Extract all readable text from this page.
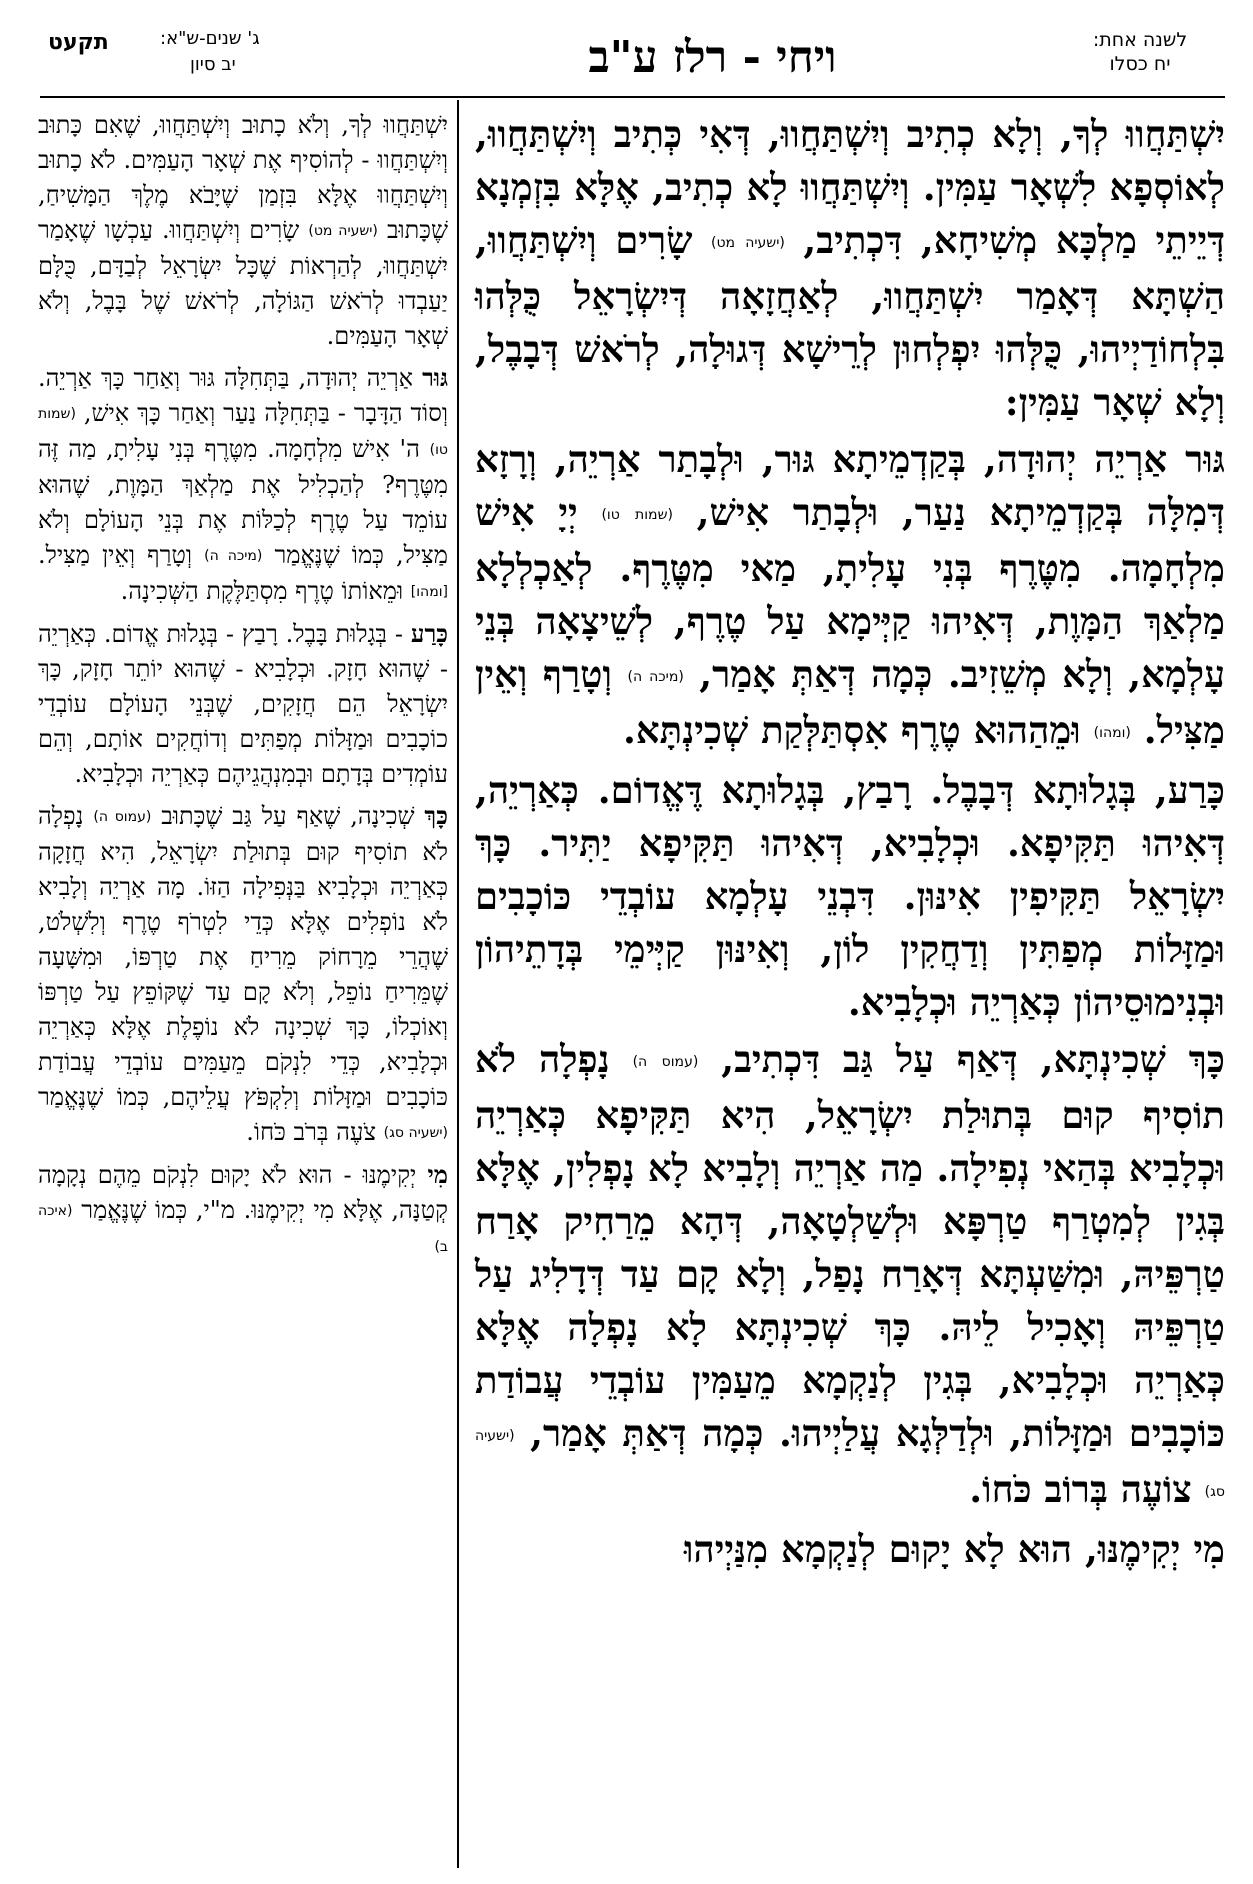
לשנה אחת:
יח כסלו
ויחי - רלז ע"ב
ג' שנים-ש"א:
יב סיון
תקעט

יִשְׁתַּחֲווּ לְךָ, וְלָא כְתִיב וְיִשְׁתַּחֲווּ, דְּאִי כְּתִיב וְיִשְׁתַּחֲווּ, לְאוֹסְפָא לִשְׁאָר עַמִּין. וְיִשְׁתַּחֲווּ לָא כְתִיב, אֶלָּא בִּזְמְנָא דְּיֵיתֵי מַלְכָּא מְשִׁיחָא, דִּכְתִיב, (ישעיה מט) שָׂרִים וְיִשְׁתַּחֲווּ, הַשְׁתָּא דְּאָמַר יִשְׁתַּחֲווּ, לְאַחֲזָאָה דְּיִשְׂרָאֵל כֻּלְּהוּ בִּלְחוֹדַיְיהוּ, כֻּלְּהוּ יִפְלְחוּן לְרֵישָׁא דְּגוּלָה, לְרֹאשׁ דְּבָבֶל, וְלָא שְׁאָר עַמִּין:

גּוּר אַרְיֵה יְהוּדָה, בְּקַדְמֵיתָא גּוּר, וּלְבָתַר אַרְיֵה, וְרָזָא דְּמִלָּה בְּקַדְמֵיתָא נַעַר, וּלְבָתַר אִישׁ, (שמות טו) יְיָ אִישׁ מִלְחָמָה. מִטֶּרֶף בְּנִי עָלִיתָ, מַאי מִטֶּרֶף. לְאַכְלְלָא מַלְאַךְ הַמָּוֶת, דְּאִיהוּ קַיְּימָא עַל טֶרֶף, לְשֵׁיצָאָה בְּנֵי עָלְמָא, וְלָא מְשֵׁזִיב. כְּמָה דְּאַתְּ אָמַר, (מיכה ה) וְטָרַף וְאֵין מַצִּיל. (ומהו) וּמֵהַהוּא טֶרֶף אִסְתַּלְּקַת שְׁכִינְתָּא.

כָּרַע, בְּגָלוּתָא דְּבָבֶל. רָבַץ, בְּגָלוּתָא דֶּאֱדוֹם. כְּאַרְיֵה, דְּאִיהוּ תַּקִּיפָא. וּכְלָבִיא, דְּאִיהוּ תַּקִּיפָא יַתִּיר. כָּךְ יִשְׂרָאֵל תַּקִּיפִין אִינּוּן. דִּבְנֵי עָלְמָא עוֹבְדֵי כּוֹכָבִים וּמַזָּלוֹת מְפַתִּין וְדַחֲקִין לוֹן, וְאִינּוּן קַיְּימֵי בְּדָתֵיהוֹן וּבְנִימוּסֵיהוֹן כְּאַרְיֵה וּכְלָבִיא.

כָּךְ שְׁכִינְתָּא, דְּאַף עַל גַּב דִּכְתִיב, (עמוס ה) נָפְלָה לֹא תוֹסִיף קוּם בְּתוּלַת יִשְׂרָאֵל, הִיא תַּקִּיפָא כְּאַרְיֵה וּכְלָבִיא בְּהַאי נְפִילָה. מַה אַרְיֵה וְלָבִיא לָא נָפְלִין, אֶלָּא בְּגִין לְמִטְרַף טַרְפָּא וּלְשַׁלְטָאָה, דְּהָא מֵרַחִיק אָרַח טַרְפֵּיהּ, וּמִשַּׁעְתָּא דְּאָרַח נָפַל, וְלָא קָם עַד דְּדָלִיג עַל טַרְפֵּיהּ וְאָכִיל לֵיהּ. כָּךְ שְׁכִינְתָּא לָא נָפְלָה אֶלָּא כְּאַרְיֵה וּכְלָבִיא, בְּגִין לְנַקְמָא מֵעַמִּין עוֹבְדֵי עֲבוֹדַת כּוֹכָבִים וּמַזָּלוֹת, וּלְדַלְּגָא עֲלַיְיהוּ. כְּמָה דְּאַתְּ אָמַר, (ישעיה סג) צוֹעֶה בְּרוֹב כֹּחוֹ.

מִי יְקִימֶנּוּ, הוּא לָא יָקוּם לְנַקְמָא מִנַּיְיהוּ

יִשְׁתַּחֲווּ לְךָ, וְלֹא כָתוּב וְיִשְׁתַּחֲווּ, שֶׁאִם כָּתוּב וְיִשְׁתַּחֲווּ - לְהוֹסִיף אֶת שְׁאָר הָעַמִּים. לֹא כָתוּב וְיִשְׁתַּחֲווּ אֶלָּא בִּזְמַן שֶׁיָּבֹא מֶלֶךְ הַמָּשִׁיחַ, שֶׁכָּתוּב (ישעיה מט) שָׂרִים וְיִשְׁתַּחֲווּ. עַכְשָׁו שֶׁאָמַר יִשְׁתַּחֲווּ, לְהַרְאוֹת שֶׁכָּל יִשְׂרָאֵל לְבַדָּם, כֻּלָּם יַעַבְדוּ לְרֹאשׁ הַגּוֹלָה, לְרֹאשׁ שֶׁל בָּבֶל, וְלֹא שְׁאָר הָעַמִּים.

גּוּר אַרְיֵה יְהוּדָה, בַּתְּחִלָּה גּוּר וְאַחַר כָּךְ אַרְיֵה. וְסוֹד הַדָּבָר - בַּתְּחִלָּה נַעַר וְאַחַר כָּךְ אִישׁ, (שמות טו) ה' אִישׁ מִלְחָמָה. מִטֶּרֶף בְּנִי עָלִיתָ, מַה זֶּה מִטֶּרֶף? לְהַכְלִיל אֶת מַלְאַךְ הַמָּוֶת, שֶׁהוּא עוֹמֵד עַל טֶרֶף לְכַלּוֹת אֶת בְּנֵי הָעוֹלָם וְלֹא מַצִּיל, כְּמוֹ שֶׁנֶּאֱמַר (מיכה ה) וְטָרַף וְאֵין מַצִּיל. [ומהו] וּמֵאוֹתוֹ טֶרֶף מִסְתַּלֶּקֶת הַשְּׁכִינָה.

כָּרַע - בְּגָלוּת בָּבֶל. רָבַץ - בְּגָלוּת אֱדוֹם. כְּאַרְיֵה - שֶׁהוּא חָזָק. וּכְלָבִיא - שֶׁהוּא יוֹתֵר חָזָק, כָּךְ יִשְׂרָאֵל הֵם חֲזָקִים, שֶׁבְּנֵי הָעוֹלָם עוֹבְדֵי כוֹכָבִים וּמַזָּלוֹת מְפַתִּים וְדוֹחֲקִים אוֹתָם, וְהֵם עוֹמְדִים בְּדָתָם וּבְמִנְהֲגֵיהֶם כְּאַרְיֵה וּכְלָבִיא.

כָּךְ שְׁכִינָה, שֶׁאַף עַל גַּב שֶׁכָּתוּב (עמוס ה) נָפְלָה לֹא תוֹסִיף קוּם בְּתוּלַת יִשְׂרָאֵל, הִיא חֲזָקָה כְּאַרְיֵה וּכְלָבִיא בַּנְּפִילָה הַזּוֹ. מָה אַרְיֵה וְלָבִיא לֹא נוֹפְלִים אֶלָּא כְּדֵי לִטְרֹף טֶרֶף וְלִשְׁלֹט, שֶׁהֲרֵי מֵרָחוֹק מֵרִיחַ אֶת טַרְפּוֹ, וּמִשָּׁעָה שֶׁמֵּרִיחַ נוֹפֵל, וְלֹא קָם עַד שֶׁקּוֹפֵץ עַל טַרְפּוֹ וְאוֹכְלוֹ, כָּךְ שְׁכִינָה לֹא נוֹפֶלֶת אֶלָּא כְּאַרְיֵה וּכְלָבִיא, כְּדֵי לִנְקֹם מֵעַמִּים עוֹבְדֵי עֲבוֹדַת כּוֹכָבִים וּמַזָּלוֹת וְלִקְפֹּץ עֲלֵיהֶם, כְּמוֹ שֶׁנֶּאֱמַר (ישעיה סג) צֹעֶה בְּרֹב כֹּחוֹ.

מִי יְקִימֶנּוּ - הוּא לֹא יָקוּם לִנְקֹם מֵהֶם נְקָמָה קְטַנָּה, אֶלָּא מִי יְקִימֶנּוּ. מ"י, כְּמוֹ שֶׁנֶּאֱמַר (איכה ב)
